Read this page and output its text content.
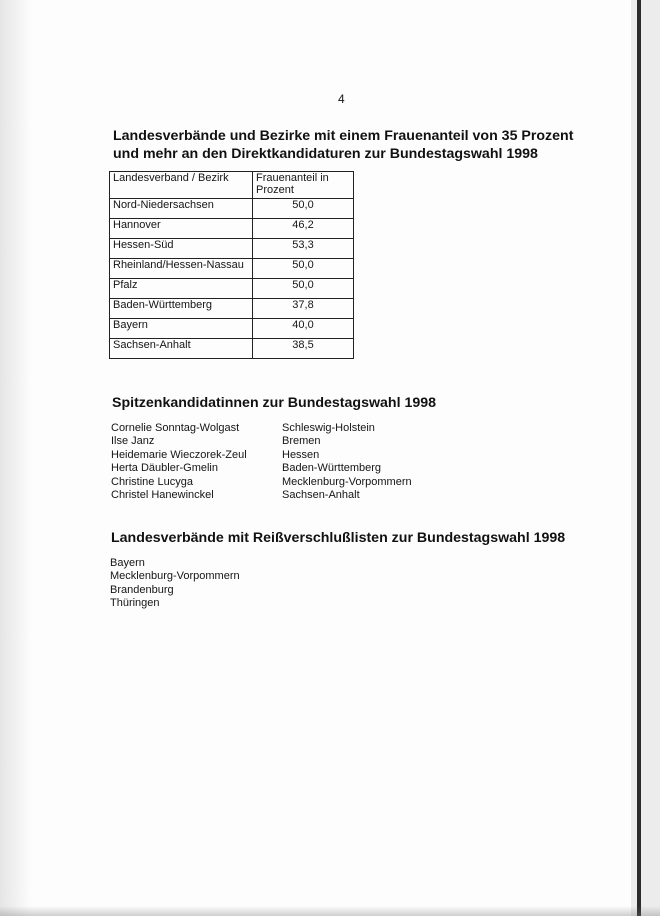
4
Landesverbände und Bezirke mit einem Frauenanteil von 35 Prozent und mehr an den Direktkandidaturen zur Bundestagswahl 1998
Landesverband / Bezirk	Frauenanteil in Prozent
Nord-Niedersachsen	50,0
Hannover	46,2
Hessen-Süd	53,3
Rheinland/Hessen-Nassau	50,0
Pfalz	50,0
Baden-Württemberg	37,8
Bayern	40,0
Sachsen-Anhalt	38,5
Spitzenkandidatinnen zur Bundestagswahl 1998
Cornelie Sonntag-Wolgast	Schleswig-Holstein
Ilse Janz	Bremen
Heidemarie Wieczorek-Zeul	Hessen
Herta Däubler-Gmelin	Baden-Württemberg
Christine Lucyga	Mecklenburg-Vorpommern
Christel Hanewinckel	Sachsen-Anhalt
Landesverbände mit Reißverschlußlisten zur Bundestagswahl 1998
Bayern
Mecklenburg-Vorpommern
Brandenburg
Thüringen
